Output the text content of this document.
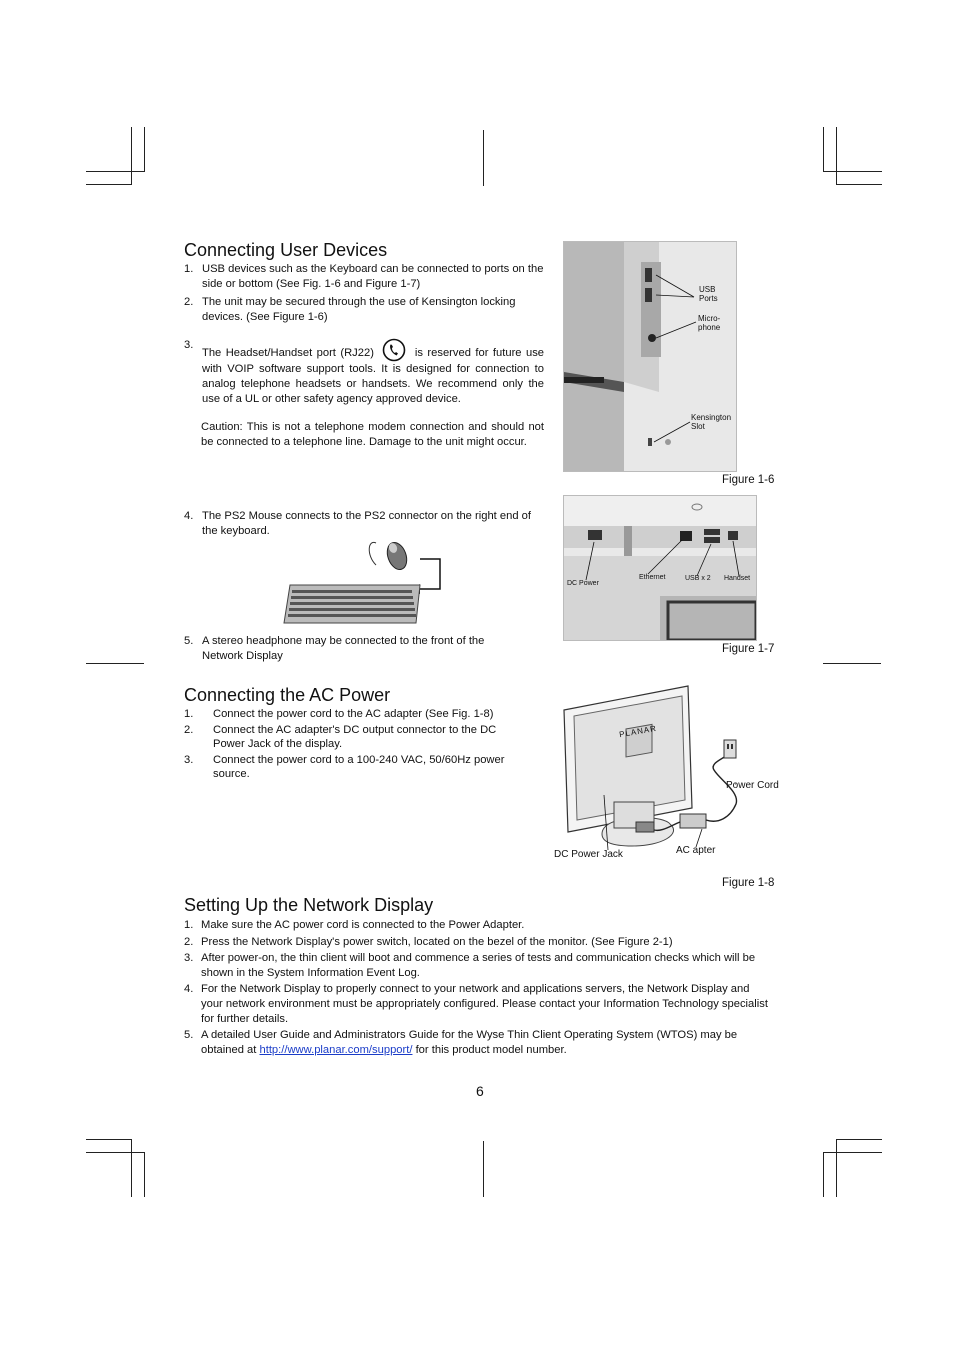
Connecting User Devices
1. USB devices such as the Keyboard can be connected to ports on the side or bottom (See Fig. 1-6 and Figure 1-7)
2. The unit may be secured through the use of Kensington locking devices. (See Figure 1-6)
3.
The Headset/Handset port (RJ22)	is reserved for future use with VOIP software support tools. It is designed for connection to analog telephone headsets or handsets. We recommend only the use of a UL or other safety agency approved device.
Caution: This is not a telephone modem connection and should not be connected to a telephone line. Damage to the unit might occur.
USB
Ports
Micro-
phone
Kensington
Slot
Figure 1-6
4. The PS2 Mouse connects to the PS2 connector on the right end of the keyboard.
DC Power
Ethernet	USB x 2 Handset
5. A stereo headphone may be connected to the front of the Network Display
Figure 1-7
Connecting the AC Power
1. Connect the power cord to the AC adapter (See Fig. 1-8)
2. Connect the AC adapter's DC output connector to the DC Power Jack of the display.
3. Connect the power cord to a 100-240 VAC, 50/60Hz power source.
PLANAR
Power Cord
DC Power Jack	AC apter
Figure 1-8
Setting Up the Network Display
1. Make sure the AC power cord is connected to the Power Adapter.
2. Press the Network Display's power switch, located on the bezel of the monitor. (See Figure 2-1)
3. After power-on, the thin client will boot and commence a series of tests and communication checks which will be shown in the System Information Event Log.
4. For the Network Display to properly connect to your network and applications servers, the Network Display and your network environment must be appropriately configured. Please contact your Information Technology specialist for further details.
5. A detailed User Guide and Administrators Guide for the Wyse Thin Client Operating System (WTOS) may be obtained at http://www.planar.com/support/ for this product model number.
6
